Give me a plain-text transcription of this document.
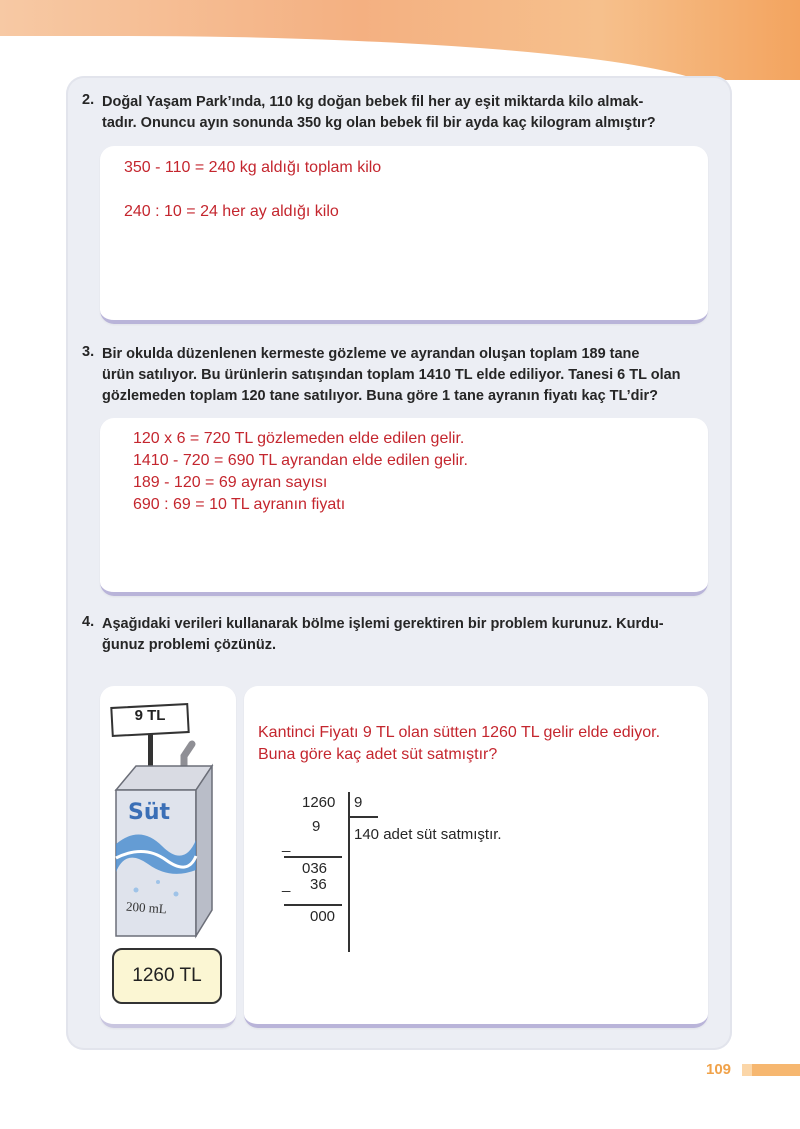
2. Doğal Yaşam Park’ında, 110 kg doğan bebek fil her ay eşit miktarda kilo almak-
tadır. Onuncu ayın sonunda 350 kg olan bebek fil bir ayda kaç kilogram almıştır?
350 - 110 = 240 kg aldığı toplam kilo
240 : 10 = 24 her ay aldığı kilo
3. Bir okulda düzenlenen kermeste gözleme ve ayrandan oluşan toplam 189 tane
ürün satılıyor. Bu ürünlerin satışından toplam 1410 TL elde ediliyor. Tanesi 6 TL olan
gözlemeden toplam 120 tane satılıyor. Buna göre 1 tane ayranın fiyatı kaç TL’dir?
120 x 6 = 720 TL gözlemeden elde edilen gelir.
1410 - 720 = 690 TL ayrandan elde edilen gelir.
189 - 120 = 69 ayran sayısı
690 : 69 = 10 TL ayranın fiyatı
4. Aşağıdaki verileri kullanarak bölme işlemi gerektiren bir problem kurunuz. Kurdu-
ğunuz problemi çözünüz.
9 TL
Süt
200 mL
1260 TL
Kantinci Fiyatı 9 TL olan sütten 1260 TL gelir elde ediyor.
Buna göre kaç adet süt satmıştır?
1260 9
9 140 adet süt satmıştır.
_
036
_ 36
000
109
